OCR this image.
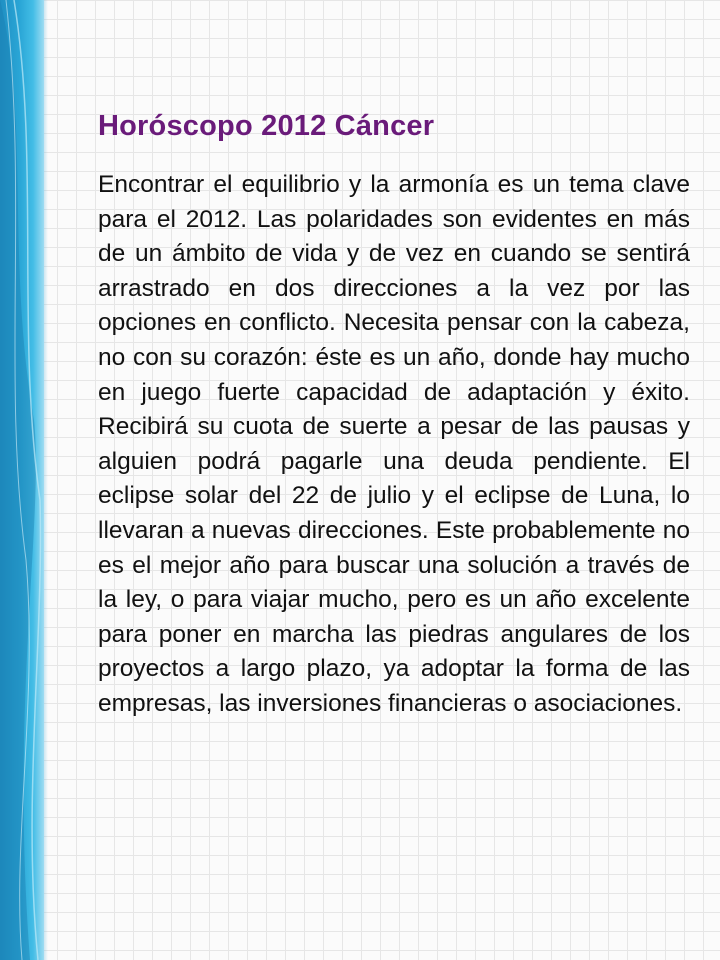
Horóscopo 2012 Cáncer

Encontrar el equilibrio y la armonía es un tema clave para el 2012. Las polaridades son evidentes en más de un ámbito de vida y de vez en cuando se sentirá arrastrado en dos direcciones a la vez por las opciones en conflicto. Necesita pensar con la cabeza, no con su corazón: éste es un año, donde hay mucho en juego fuerte capacidad de adaptación y éxito. Recibirá su cuota de suerte a pesar de las pausas y alguien podrá pagarle una deuda pendiente. El eclipse solar del 22 de julio y el eclipse de Luna, lo llevaran a nuevas direcciones. Este probablemente no es el mejor año para buscar una solución a través de la ley, o para viajar mucho, pero es un año excelente para poner en marcha las piedras angulares de los proyectos a largo plazo, ya adoptar la forma de las empresas, las inversiones financieras o asociaciones.
